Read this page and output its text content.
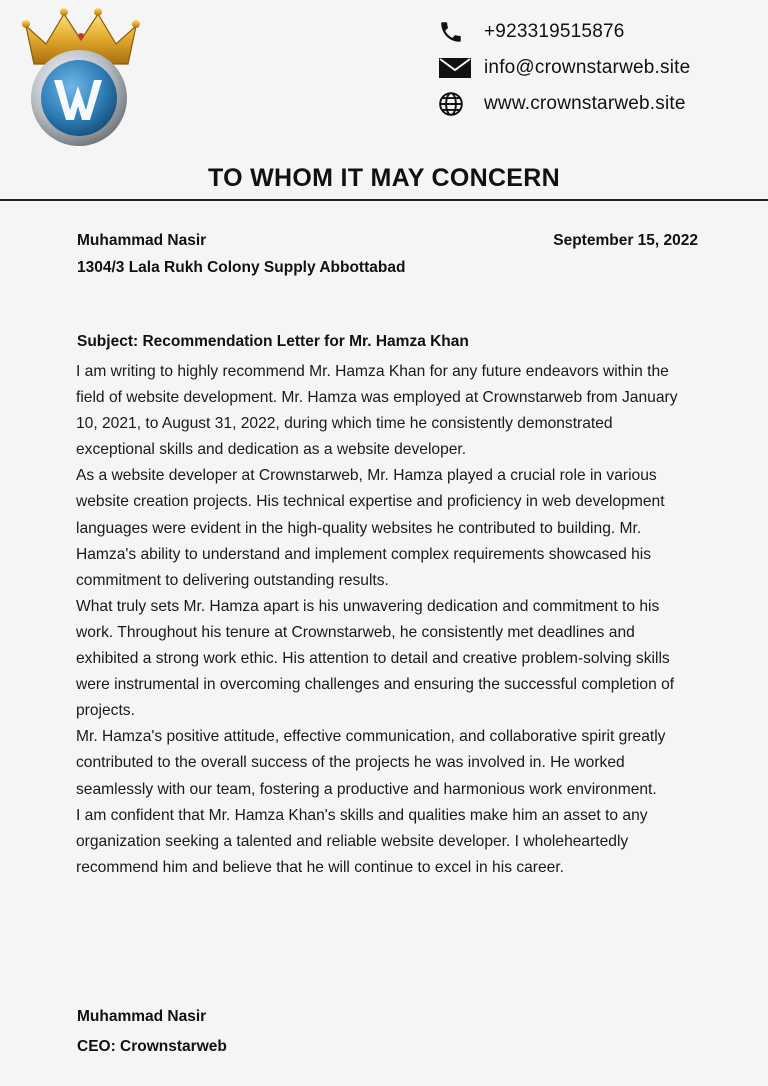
+923319515876
info@crownstarweb.site
www.crownstarweb.site
TO WHOM IT MAY CONCERN
Muhammad Nasir
1304/3 Lala Rukh Colony Supply Abbottabad
September 15, 2022
Subject: Recommendation Letter for Mr. Hamza Khan

I am writing to highly recommend Mr. Hamza Khan for any future endeavors within the field of website development. Mr. Hamza was employed at Crownstarweb from January 10, 2021, to August 31, 2022, during which time he consistently demonstrated exceptional skills and dedication as a website developer.

As a website developer at Crownstarweb, Mr. Hamza played a crucial role in various website creation projects. His technical expertise and proficiency in web development languages were evident in the high-quality websites he contributed to building. Mr. Hamza's ability to understand and implement complex requirements showcased his commitment to delivering outstanding results.

What truly sets Mr. Hamza apart is his unwavering dedication and commitment to his work. Throughout his tenure at Crownstarweb, he consistently met deadlines and exhibited a strong work ethic. His attention to detail and creative problem-solving skills were instrumental in overcoming challenges and ensuring the successful completion of projects.

Mr. Hamza's positive attitude, effective communication, and collaborative spirit greatly contributed to the overall success of the projects he was involved in. He worked seamlessly with our team, fostering a productive and harmonious work environment.

I am confident that Mr. Hamza Khan's skills and qualities make him an asset to any organization seeking a talented and reliable website developer. I wholeheartedly recommend him and believe that he will continue to excel in his career.

Muhammad Nasir
CEO: Crownstarweb
